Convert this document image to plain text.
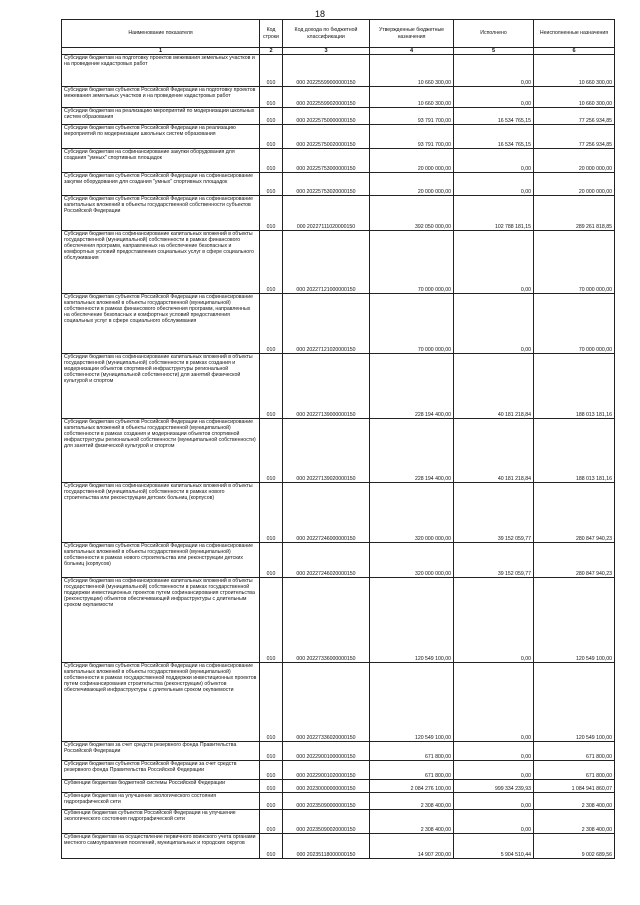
18
Наименование показателя	Код строки	Код дохода по бюджетной классификации	Утвержденные бюджетные назначения	Исполнено	Неисполненные назначения
1	2	3	4	5	6
Субсидии бюджетам на подготовку проектов межевания земельных участков и на проведение кадастровых работ	010	000 20225599000000150	10 660 300,00	0,00	10 660 300,00
Субсидии бюджетам субъектов Российской Федерации на подготовку проектов межевания земельных участков и на проведение кадастровых работ	010	000 20225599020000150	10 660 300,00	0,00	10 660 300,00
Субсидии бюджетам на реализацию мероприятий по модернизации школьных систем образования	010	000 20225750000000150	93 791 700,00	16 534 765,15	77 256 934,85
Субсидии бюджетам субъектов Российской Федерации на реализацию мероприятий по модернизации школьных систем образования	010	000 20225750020000150	93 791 700,00	16 534 765,15	77 256 934,85
Субсидии бюджетам на софинансирование закупки оборудования для создания "умных" спортивных площадок	010	000 20225753000000150	20 000 000,00	0,00	20 000 000,00
Субсидии бюджетам субъектов Российской Федерации на софинансирование закупки оборудования для создания "умных" спортивных площадок	010	000 20225753020000150	20 000 000,00	0,00	20 000 000,00
Субсидии бюджетам субъектов Российской Федерации на софинансирование капитальных вложений в объекты государственной собственности субъектов Российской Федерации	010	000 20227111020000150	392 050 000,00	102 788 181,15	289 261 818,85
Субсидии бюджетам на софинансирование капитальных вложений в объекты государственной (муниципальной) собственности в рамках финансового обеспечения программ, направленных на обеспечение безопасных и комфортных условий предоставления социальных услуг в сфере социального обслуживания	010	000 20227121000000150	70 000 000,00	0,00	70 000 000,00
Субсидии бюджетам субъектов Российской Федерации на софинансирование капитальных вложений в объекты государственной (муниципальной) собственности в рамках финансового обеспечения программ, направленных на обеспечение безопасных и комфортных условий предоставления социальных услуг в сфере социального обслуживания	010	000 20227121020000150	70 000 000,00	0,00	70 000 000,00
Субсидии бюджетам на софинансирование капитальных вложений в объекты государственной (муниципальной) собственности в рамках создания и модернизации объектов спортивной инфраструктуры региональной собственности (муниципальной собственности) для занятий физической культурой и спортом	010	000 20227139000000150	228 194 400,00	40 181 218,84	188 013 181,16
Субсидии бюджетам субъектов Российской Федерации на софинансирование капитальных вложений в объекты государственной (муниципальной) собственности в рамках создания и модернизации объектов спортивной инфраструктуры региональной собственности (муниципальной собственности) для занятий физической культурой и спортом	010	000 20227139020000150	228 194 400,00	40 181 218,84	188 013 181,16
Субсидии бюджетам на софинансирование капитальных вложений в объекты государственной (муниципальной) собственности в рамках нового строительства или реконструкции детских больниц (корпусов)	010	000 20227246000000150	320 000 000,00	39 152 059,77	280 847 940,23
Субсидии бюджетам субъектов Российской Федерации на софинансирование капитальных вложений в объекты государственной (муниципальной) собственности в рамках нового строительства или реконструкции детских больниц (корпусов)	010	000 20227246020000150	320 000 000,00	39 152 059,77	280 847 940,23
Субсидии бюджетам на софинансирование капитальных вложений в объекты государственной (муниципальной) собственности в рамках государственной поддержки инвестиционных проектов путем софинансирования строительства (реконструкции) объектов обеспечивающей инфраструктуры с длительным сроком окупаемости	010	000 20227336000000150	120 549 100,00	0,00	120 549 100,00
Субсидии бюджетам субъектов Российской Федерации на софинансирование капитальных вложений в объекты государственной (муниципальной) собственности в рамках государственной поддержки инвестиционных проектов путем софинансирования строительства (реконструкции) объектов обеспечивающей инфраструктуры с длительным сроком окупаемости	010	000 20227336020000150	120 549 100,00	0,00	120 549 100,00
Субсидии бюджетам за счет средств резервного фонда Правительства Российской Федерации	010	000 20229001000000150	671 800,00	0,00	671 800,00
Субсидии бюджетам субъектов Российской Федерации за счет средств резервного фонда Правительства Российской Федерации	010	000 20229001020000150	671 800,00	0,00	671 800,00
Субвенции бюджетам бюджетной системы Российской Федерации	010	000 20230000000000150	2 084 276 100,00	999 334 239,93	1 084 941 860,07
Субвенции бюджетам на улучшение экологического состояния гидрографической сети	010	000 20235090000000150	2 308 400,00	0,00	2 308 400,00
Субвенции бюджетам субъектов Российской Федерации на улучшение экологического состояния гидрографической сети	010	000 20235090020000150	2 308 400,00	0,00	2 308 400,00
Субвенции бюджетам на осуществление первичного воинского учета органами местного самоуправления поселений, муниципальных и городских округов	010	000 20235118000000150	14 907 200,00	5 904 510,44	9 002 689,56
